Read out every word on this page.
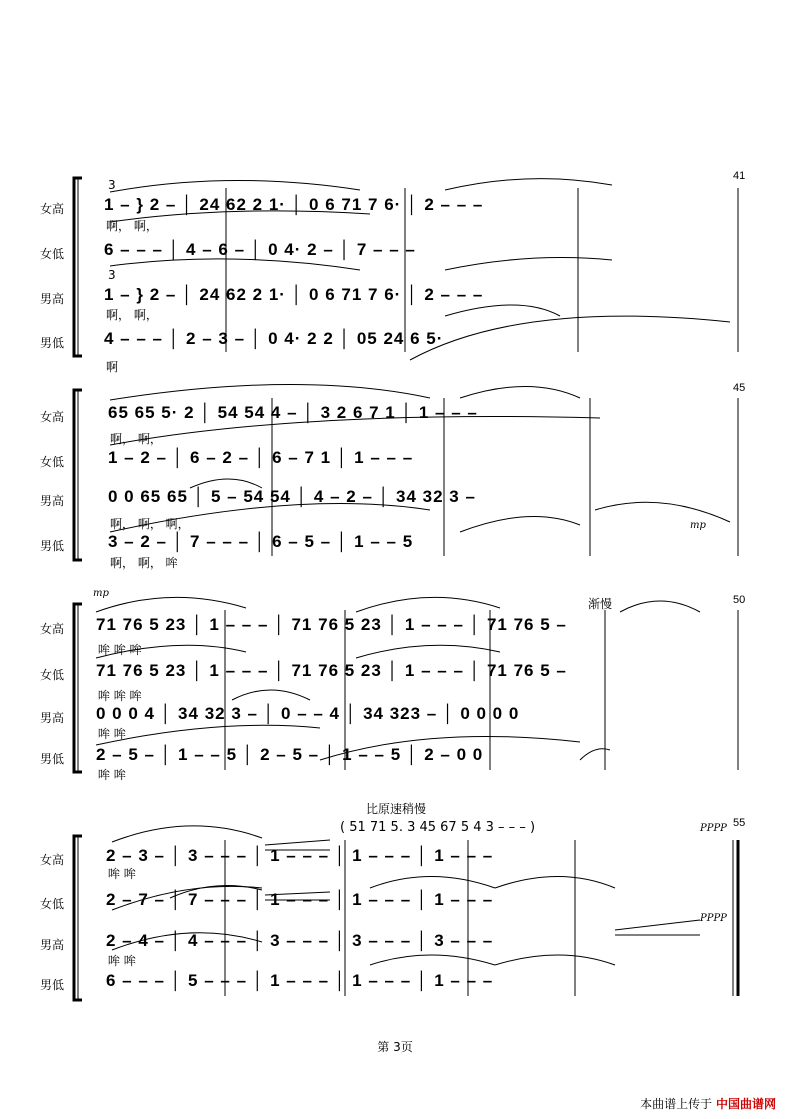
41
3
3
女高
女低
男高
男低
1 – } 2 – │ 24 62 2 1· │ 0 6 71 7 6· │ 2 – – –
啊， 啊，
6 – – – │ 4 – 6 – │ 0 4· 2 – │ 7 – – –
1 – } 2 – │ 24 62 2 1· │ 0 6 71 7 6· │ 2 – – –
啊， 啊，
4 – – – │ 2 – 3 – │ 0 4· 2 2 │ 05 24 6 5·
啊
45
mp
女高
女低
男高
男低
65 65 5· 2 │ 54 54 4 – │ 3 2 6 7 1 │ 1 – – –
啊， 啊，
1 – 2 – │ 6 – 2 – │ 6 – 7 1 │ 1 – – –
0 0 65 65 │ 5 – 54 54 │ 4 – 2 – │ 34 32 3 –
啊， 啊， 啊，
3 – 2 – │ 7 – – – │ 6 – 5 – │ 1 – – 5
啊， 啊， 哞
50
渐慢
mp
女高
女低
男高
男低
71 76 5 23 │ 1 – – – │ 71 76 5 23 │ 1 – – – │ 71 76 5 –
哞 哞 哞
71 76 5 23 │ 1 – – – │ 71 76 5 23 │ 1 – – – │ 71 76 5 –
哞 哞 哞
0 0 0 4 │ 34 32 3 – │ 0 – – 4 │ 34 323 – │ 0 0 0 0
哞 哞
2 – 5 – │ 1 – – 5 │ 2 – 5 – │ 1 – – 5 │ 2 – 0 0
哞 哞
55
比原速稍慢
( 51 71 5. 3 45 67 5 4 3 – – – )	PPPP
PPPP
女高
女低
男高
男低
2 – 3 – │ 3 – – – │ 1 – – – │ 1 – – – │ 1 – – –
哞 哞
2 – 7 – │ 7 – – – │ 1 – – – │ 1 – – – │ 1 – – –
2 – 4 – │ 4 – – – │ 3 – – – │ 3 – – – │ 3 – – –
哞 哞
6 – – – │ 5 – – – │ 1 – – – │ 1 – – – │ 1 – – –
第 3页
本曲谱上传于 中国曲谱网
